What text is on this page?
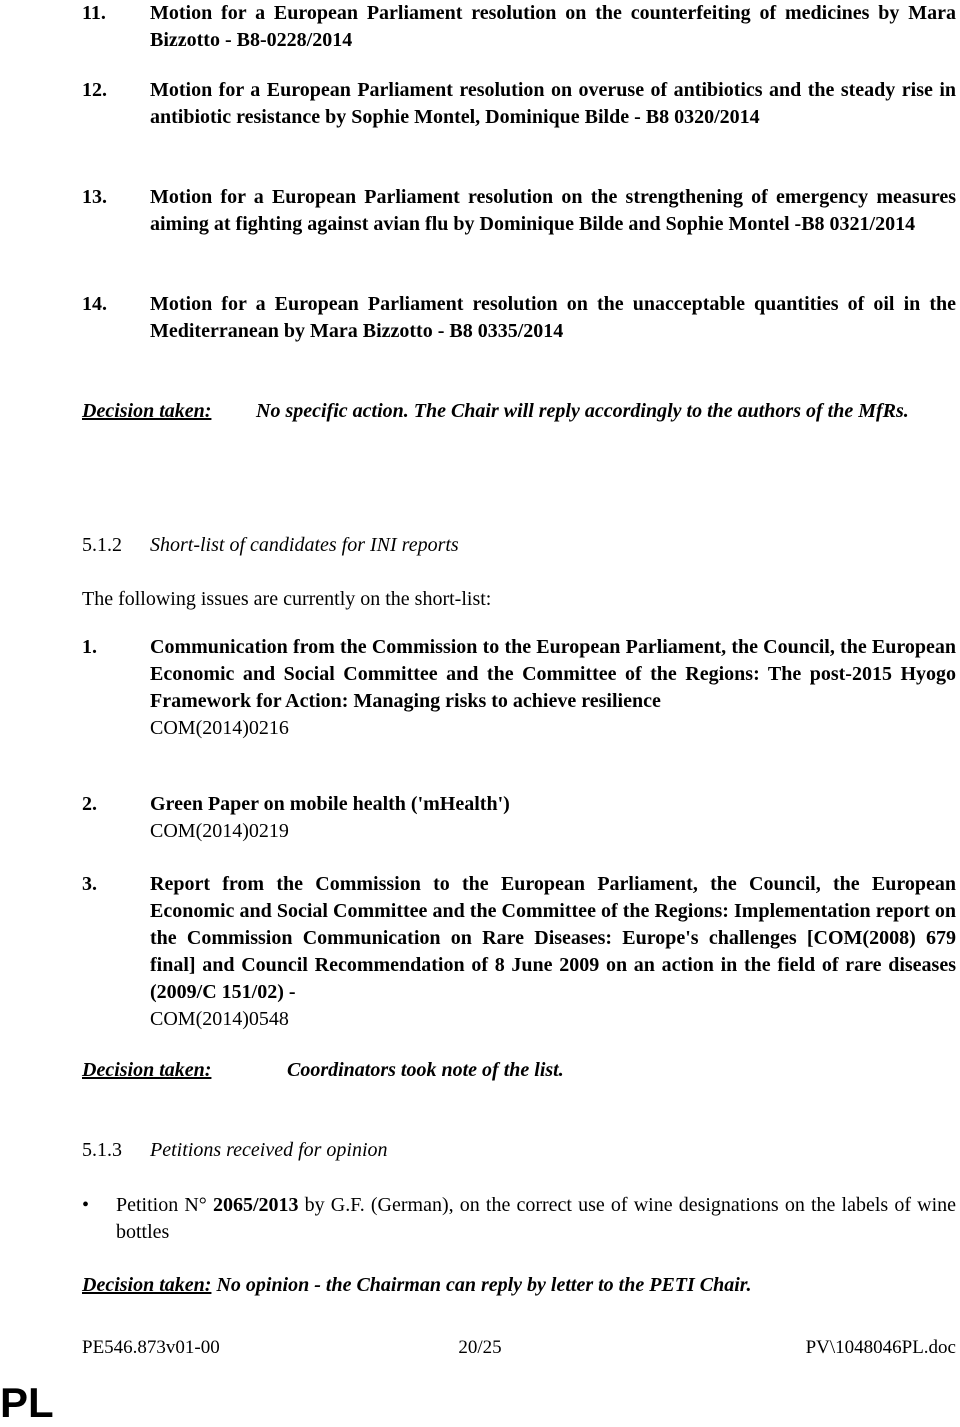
11. Motion for a European Parliament resolution on the counterfeiting of medicines by Mara Bizzotto - B8-0228/2014
12. Motion for a European Parliament resolution on overuse of antibiotics and the steady rise in antibiotic resistance by Sophie Montel, Dominique Bilde - B8 0320/2014
13. Motion for a European Parliament resolution on the strengthening of emergency measures aiming at fighting against avian flu by Dominique Bilde and Sophie Montel -B8 0321/2014
14. Motion for a European Parliament resolution on the unacceptable quantities of oil in the Mediterranean by Mara Bizzotto - B8 0335/2014
Decision taken: No specific action. The Chair will reply accordingly to the authors of the MfRs.
5.1.2 Short-list of candidates for INI reports
The following issues are currently on the short-list:
1.	Communication from the Commission to the European Parliament, the Council, the European Economic and Social Committee and the Committee of the Regions: The post-2015 Hyogo Framework for Action: Managing risks to achieve resilience
COM(2014)0216
2.	Green Paper on mobile health ('mHealth')
COM(2014)0219
3.	Report from the Commission to the European Parliament, the Council, the European Economic and Social Committee and the Committee of the Regions: Implementation report on the Commission Communication on Rare Diseases: Europe's challenges [COM(2008) 679 final] and Council Recommendation of 8 June 2009 on an action in the field of rare diseases (2009/C 151/02) -
COM(2014)0548
Decision taken:	Coordinators took note of the list.
5.1.3 Petitions received for opinion
• Petition N° 2065/2013 by G.F. (German), on the correct use of wine designations on the labels of wine bottles
Decision taken: No opinion - the Chairman can reply by letter to the PETI Chair.
PE546.873v01-00	20/25	PV\1048046PL.doc
PL
